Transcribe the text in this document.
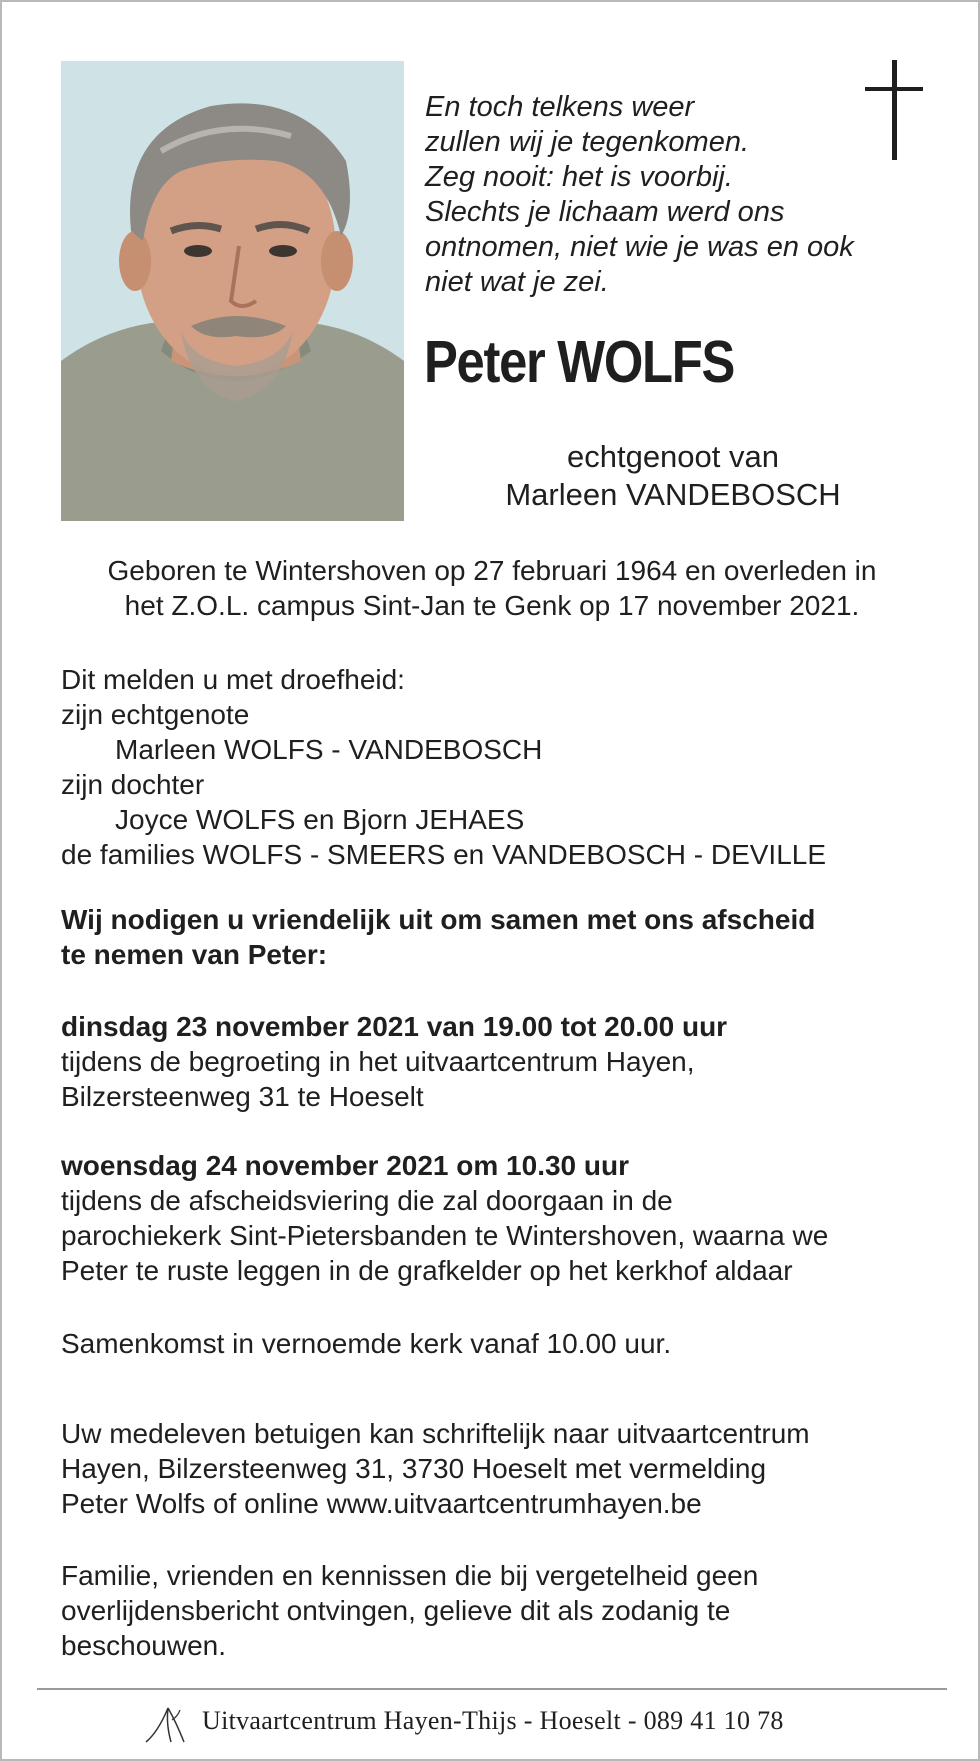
En toch telkens weer
zullen wij je tegenkomen.
Zeg nooit: het is voorbij.
Slechts je lichaam werd ons
ontnomen, niet wie je was en ook
niet wat je zei.
Peter WOLFS
echtgenoot van
Marleen VANDEBOSCH
Geboren te Wintershoven op 27 februari 1964 en overleden in
het Z.O.L. campus Sint-Jan te Genk op 17 november 2021.
Dit melden u met droefheid:
zijn echtgenote
Marleen WOLFS - VANDEBOSCH
zijn dochter
Joyce WOLFS en Bjorn JEHAES
de families WOLFS - SMEERS en VANDEBOSCH - DEVILLE
Wij nodigen u vriendelijk uit om samen met ons afscheid
te nemen van Peter:
dinsdag 23 november 2021 van 19.00 tot 20.00 uur
tijdens de begroeting in het uitvaartcentrum Hayen,
Bilzersteenweg 31 te Hoeselt
woensdag 24 november 2021 om 10.30 uur
tijdens de afscheidsviering die zal doorgaan in de
parochiekerk Sint-Pietersbanden te Wintershoven, waarna we
Peter te ruste leggen in de grafkelder op het kerkhof aldaar
Samenkomst in vernoemde kerk vanaf 10.00 uur.
Uw medeleven betuigen kan schriftelijk naar uitvaartcentrum
Hayen, Bilzersteenweg 31, 3730 Hoeselt met vermelding
Peter Wolfs of online www.uitvaartcentrumhayen.be
Familie, vrienden en kennissen die bij vergetelheid geen
overlijdensbericht ontvingen, gelieve dit als zodanig te
beschouwen.
Uitvaartcentrum Hayen-Thijs - Hoeselt - 089 41 10 78
